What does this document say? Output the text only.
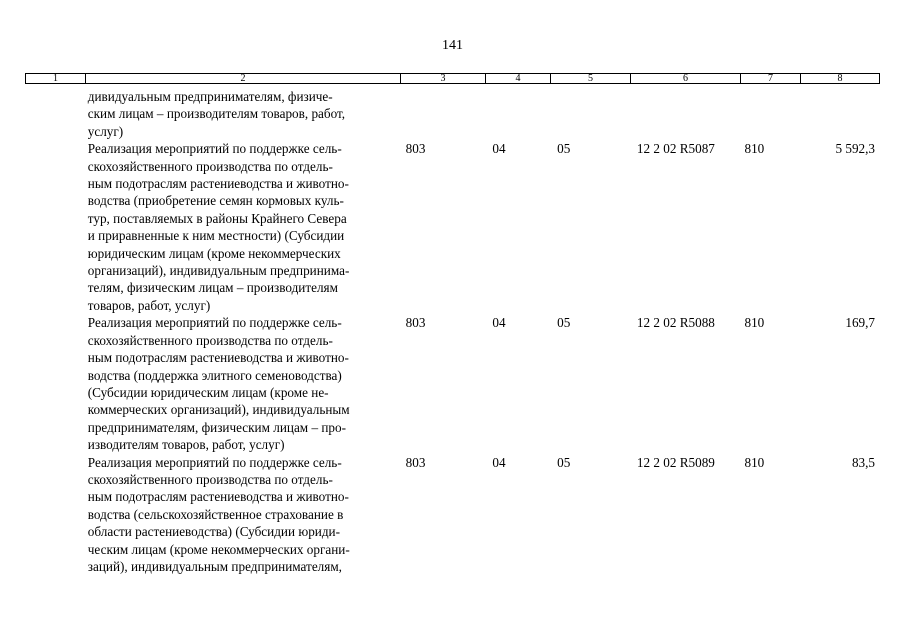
141
1	2	3	4	5	6	7	8
дивидуальным предпринимателям, физиче-
ским лицам – производителям товаров, работ,
услуг)
Реализация мероприятий по поддержке сель-
скохозяйственного производства по отдель-
ным подотраслям растениеводства и животно-
водства (приобретение семян кормовых куль-
тур, поставляемых в районы Крайнего Севера
и приравненные к ним местности) (Субсидии
юридическим лицам (кроме некоммерческих
организаций), индивидуальным предпринима-
телям, физическим лицам – производителям
товаров, работ, услуг)
803	04	05	12 2 02 R5087	810	5 592,3
Реализация мероприятий по поддержке сель-
скохозяйственного производства по отдель-
ным подотраслям растениеводства и животно-
водства (поддержка элитного семеноводства)
(Субсидии юридическим лицам (кроме не-
коммерческих организаций), индивидуальным
предпринимателям, физическим лицам – про-
изводителям товаров, работ, услуг)
803	04	05	12 2 02 R5088	810	169,7
Реализация мероприятий по поддержке сель-
скохозяйственного производства по отдель-
ным подотраслям растениеводства и животно-
водства (сельскохозяйственное страхование в
области растениеводства) (Субсидии юриди-
ческим лицам (кроме некоммерческих органи-
заций), индивидуальным предпринимателям,
803	04	05	12 2 02 R5089	810	83,5
